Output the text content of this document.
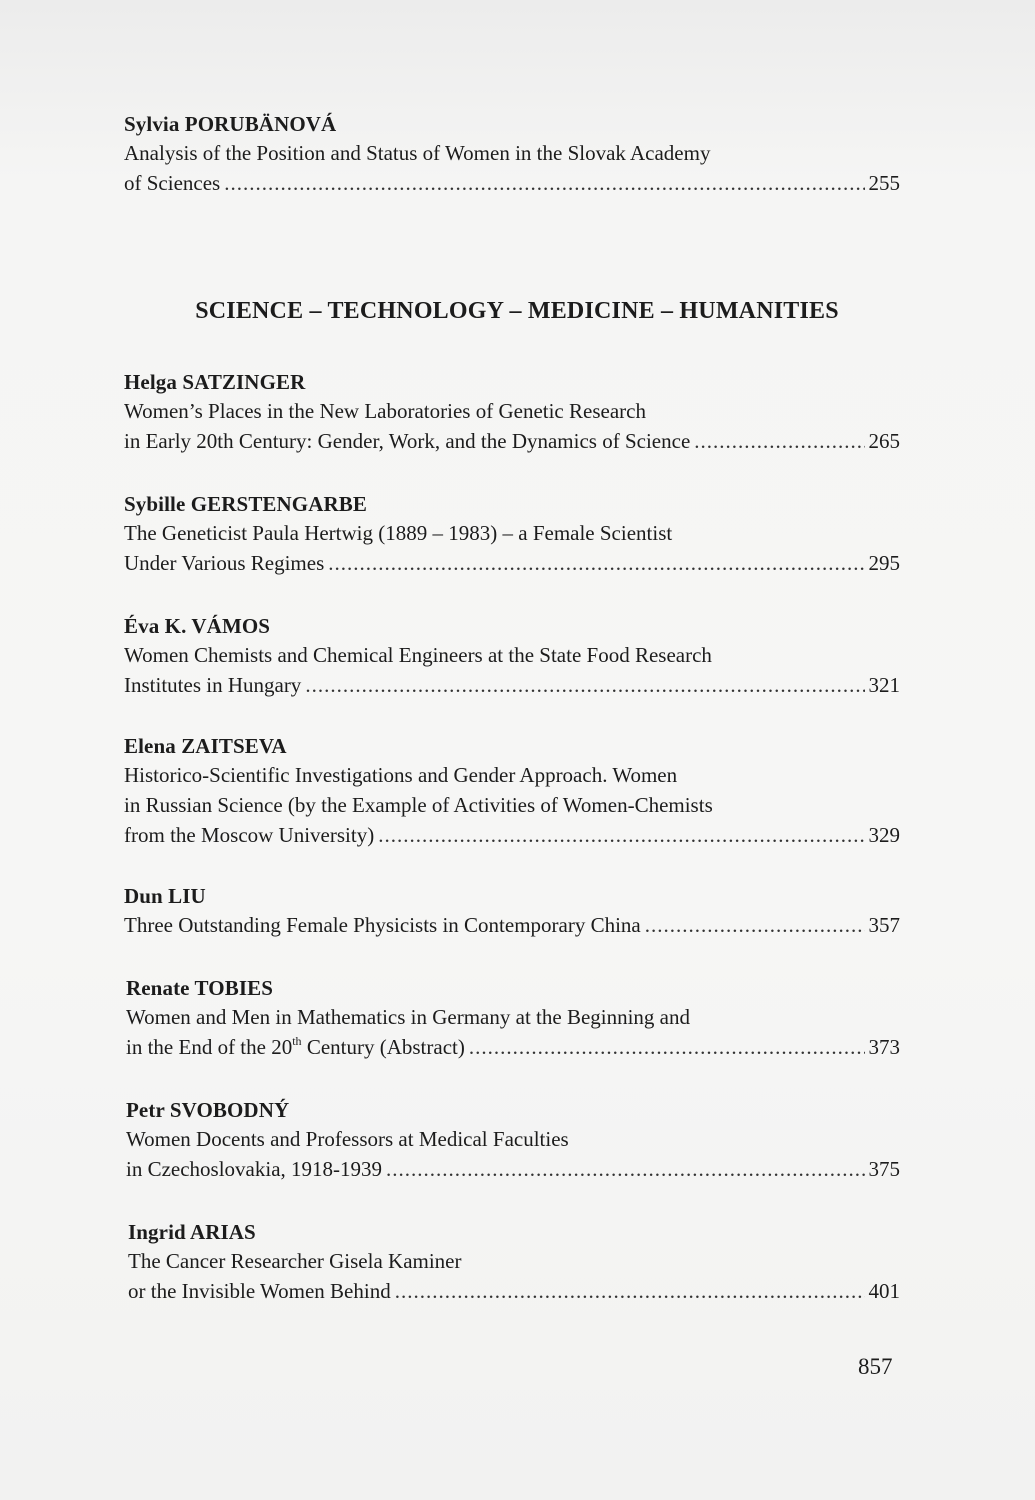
Sylvia PORUBÄNOVÁ
Analysis of the Position and Status of Women in the Slovak Academy
of Sciences .....	255
SCIENCE – TECHNOLOGY – MEDICINE – HUMANITIES
Helga SATZINGER
Women’s Places in the New Laboratories of Genetic Research
in Early 20th Century: Gender, Work, and the Dynamics of Science .....	265
Sybille GERSTENGARBE
The Geneticist Paula Hertwig (1889 – 1983) – a Female Scientist
Under Various Regimes .....	295
Éva K. VÁMOS
Women Chemists and Chemical Engineers at the State Food Research
Institutes in Hungary .....	321
Elena ZAITSEVA
Historico-Scientific Investigations and Gender Approach. Women
in Russian Science (by the Example of Activities of Women-Chemists
from the Moscow University) .....	329
Dun LIU
Three Outstanding Female Physicists in Contemporary China .....	357
Renate TOBIES
Women and Men in Mathematics in Germany at the Beginning and
in the End of the 20th Century (Abstract) .....	373
Petr SVOBODNÝ
Women Docents and Professors at Medical Faculties
in Czechoslovakia, 1918-1939 .....	375
Ingrid ARIAS
The Cancer Researcher Gisela Kaminer
or the Invisible Women Behind .....	401
857
